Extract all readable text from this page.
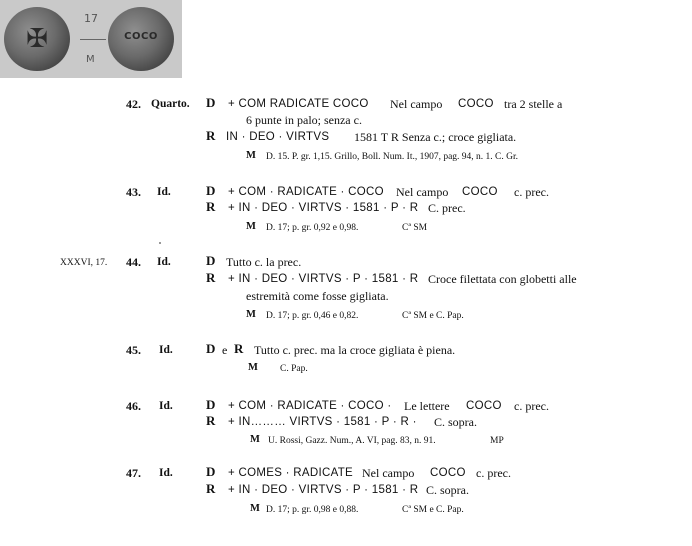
✠
17
M
COCO
42. Quarto. D + COM RADICATE COCO Nel campo COCO tra 2 stelle a
6 punte in palo; senza c.
R IN · DEO · VIRTVS 1581 T R Senza c.; croce gigliata.
M D. 15. P. gr. 1,15. Grillo, Boll. Num. It., 1907, pag. 94, n. 1. C. Gr.
43. Id.	D + COM · RADICATE · COCO Nel campo COCO c. prec.
R + IN · DEO · VIRTVS · 1581 · P · R C. prec.
M D. 17; p. gr. 0,92 e 0,98.	Cª SM
XXXVI, 17. 44. Id.	D Tutto c. la prec.
R + IN · DEO · VIRTVS · P · 1581 · R Croce filettata con globetti alle
estremità come fosse gigliata.
M D. 17; p. gr. 0,46 e 0,82.	Cª SM e C. Pap.
45. Id.	D e R Tutto c. prec. ma la croce gigliata è piena.
M C. Pap.
46. Id.	D + COM · RADICATE · COCO · Le lettere COCO c. prec.
R + IN……… VIRTVS · 1581 · P · R · C. sopra.
M U. Rossi, Gazz. Num., A. VI, pag. 83, n. 91.	MP
47. Id.	D + COMES · RADICATE Nel campo COCO c. prec.
R + IN · DEO · VIRTVS · P · 1581 · R C. sopra.
M D. 17; p. gr. 0,98 e 0,88.	Cª SM e C. Pap.
